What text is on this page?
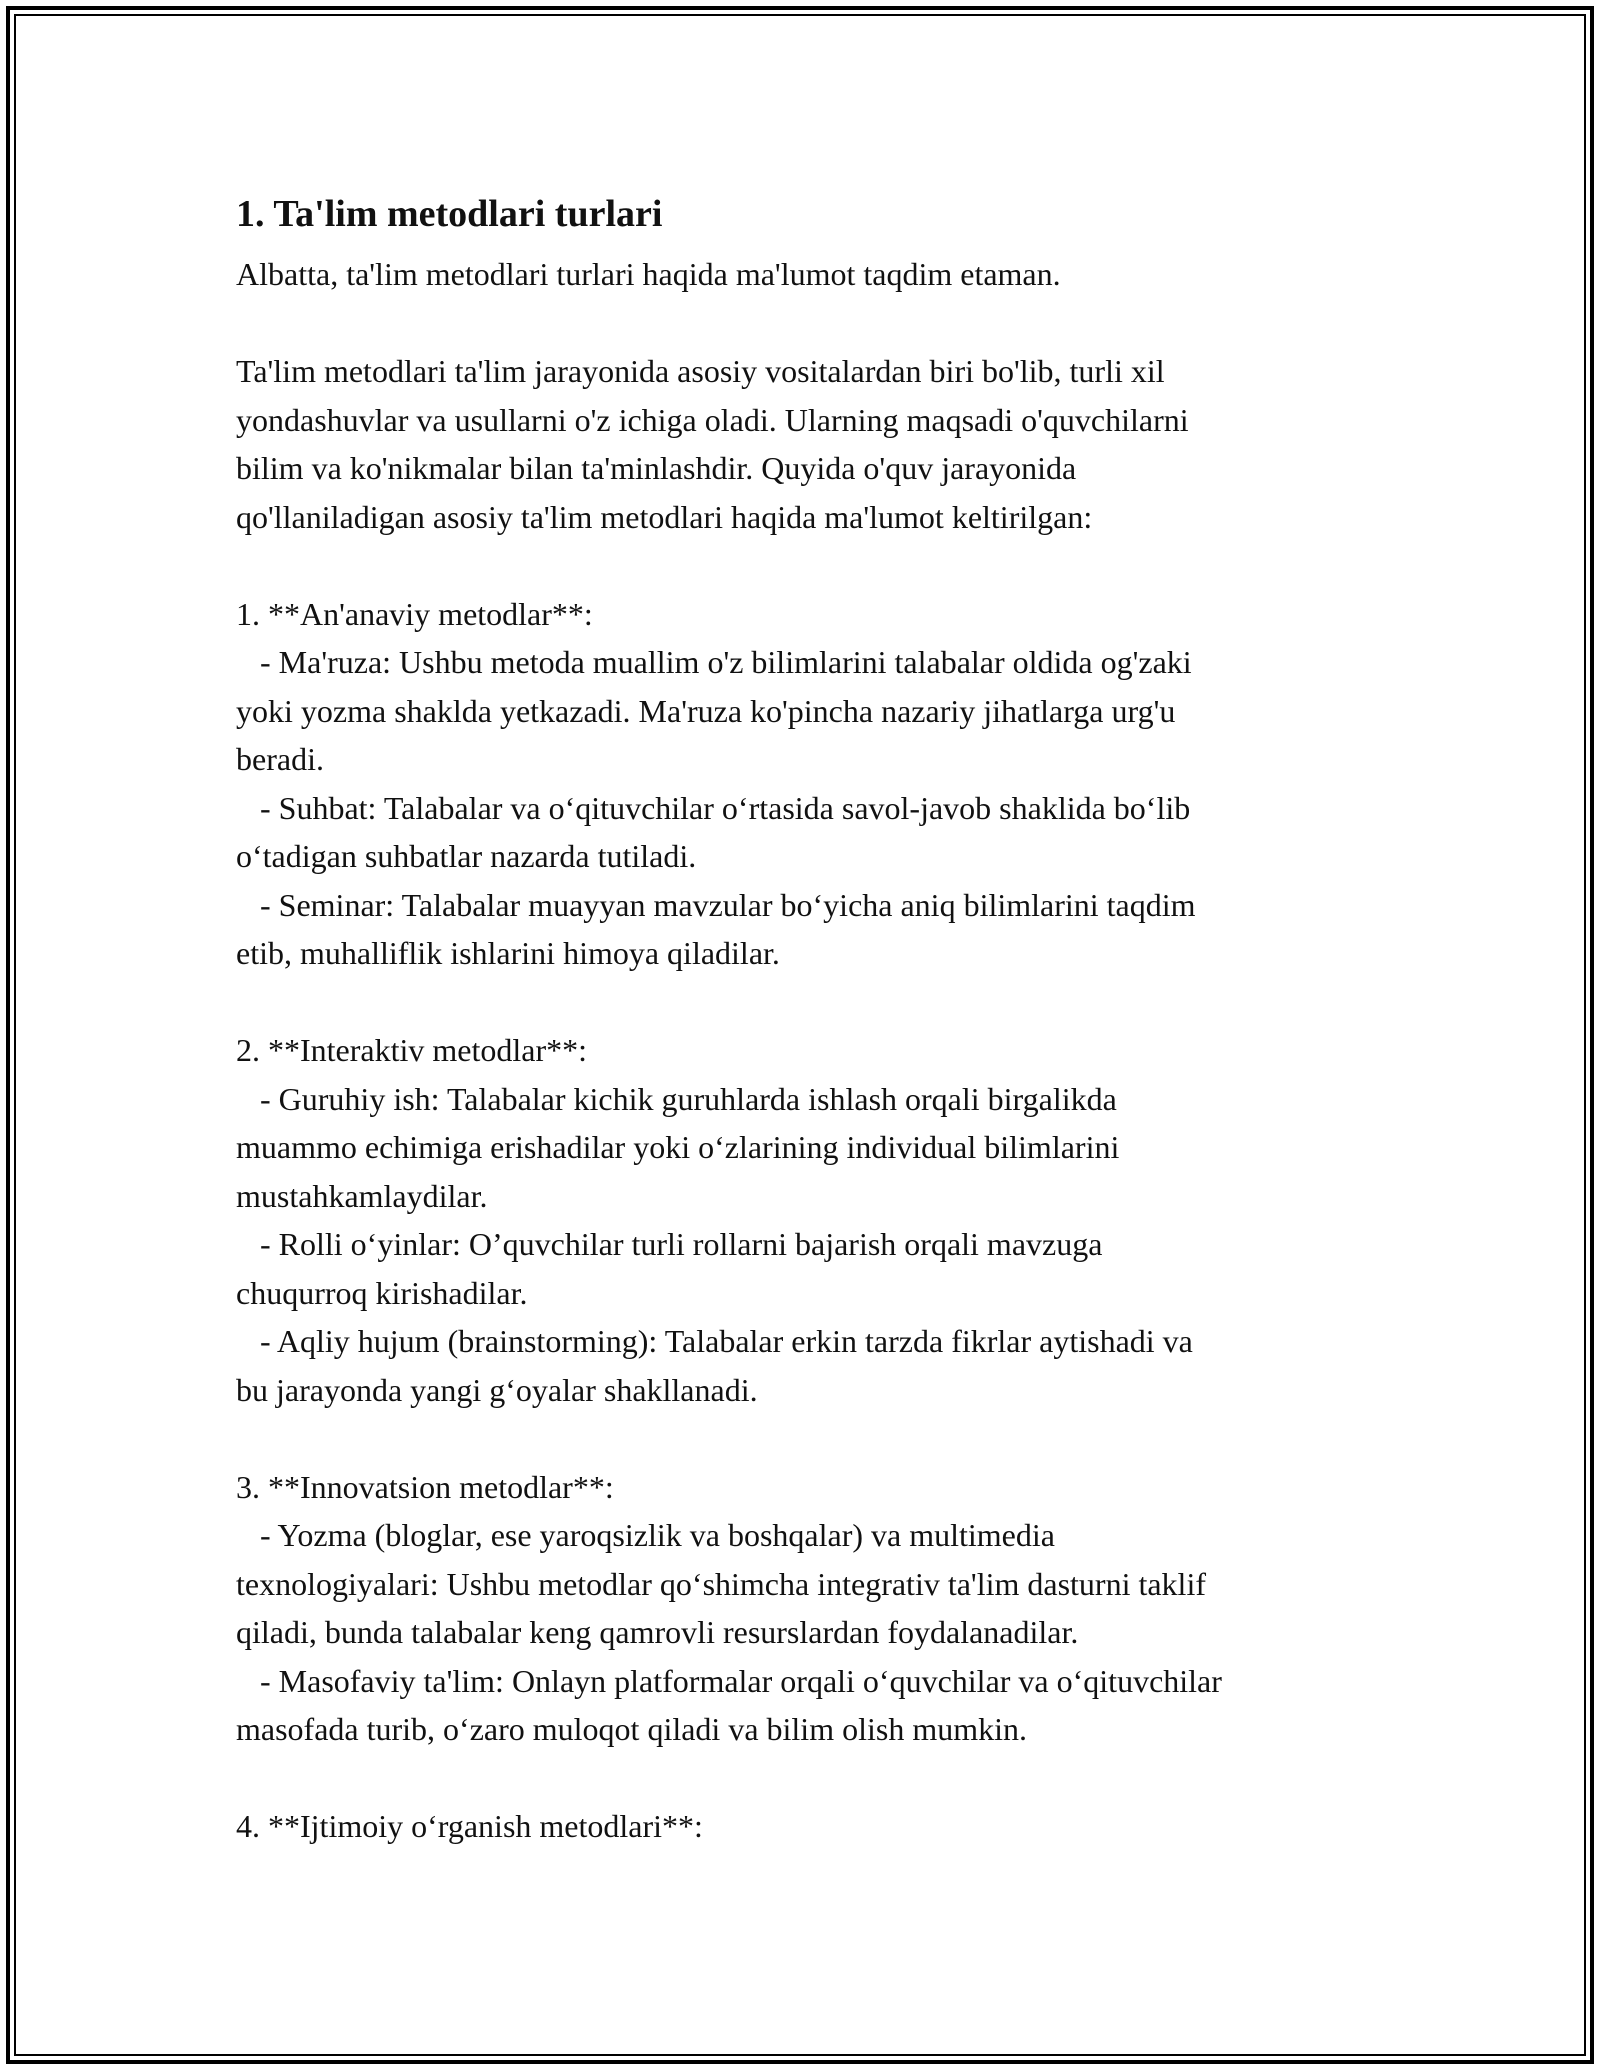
1. Ta'lim metodlari turlari
Albatta, ta'lim metodlari turlari haqida ma'lumot taqdim etaman.

Ta'lim metodlari ta'lim jarayonida asosiy vositalardan biri bo'lib, turli xil
yondashuvlar va usullarni o'z ichiga oladi. Ularning maqsadi o'quvchilarni
bilim va ko'nikmalar bilan ta'minlashdir. Quyida o'quv jarayonida
qo'llaniladigan asosiy ta'lim metodlari haqida ma'lumot keltirilgan:

1. **An'anaviy metodlar**:
- Ma'ruza: Ushbu metoda muallim o'z bilimlarini talabalar oldida og'zaki
yoki yozma shaklda yetkazadi. Ma'ruza ko'pincha nazariy jihatlarga urg'u
beradi.
- Suhbat: Talabalar va o‘qituvchilar o‘rtasida savol-javob shaklida bo‘lib
o‘tadigan suhbatlar nazarda tutiladi.
- Seminar: Talabalar muayyan mavzular bo‘yicha aniq bilimlarini taqdim
etib, muhalliflik ishlarini himoya qiladilar.

2. **Interaktiv metodlar**:
- Guruhiy ish: Talabalar kichik guruhlarda ishlash orqali birgalikda
muammo echimiga erishadilar yoki o‘zlarining individual bilimlarini
mustahkamlaydilar.
- Rolli o‘yinlar: O’quvchilar turli rollarni bajarish orqali mavzuga
chuqurroq kirishadilar.
- Aqliy hujum (brainstorming): Talabalar erkin tarzda fikrlar aytishadi va
bu jarayonda yangi g‘oyalar shakllanadi.

3. **Innovatsion metodlar**:
- Yozma (bloglar, ese yaroqsizlik va boshqalar) va multimedia
texnologiyalari: Ushbu metodlar qo‘shimcha integrativ ta'lim dasturni taklif
qiladi, bunda talabalar keng qamrovli resurslardan foydalanadilar.
- Masofaviy ta'lim: Onlayn platformalar orqali o‘quvchilar va o‘qituvchilar
masofada turib, o‘zaro muloqot qiladi va bilim olish mumkin.

4. **Ijtimoiy o‘rganish metodlari**:
